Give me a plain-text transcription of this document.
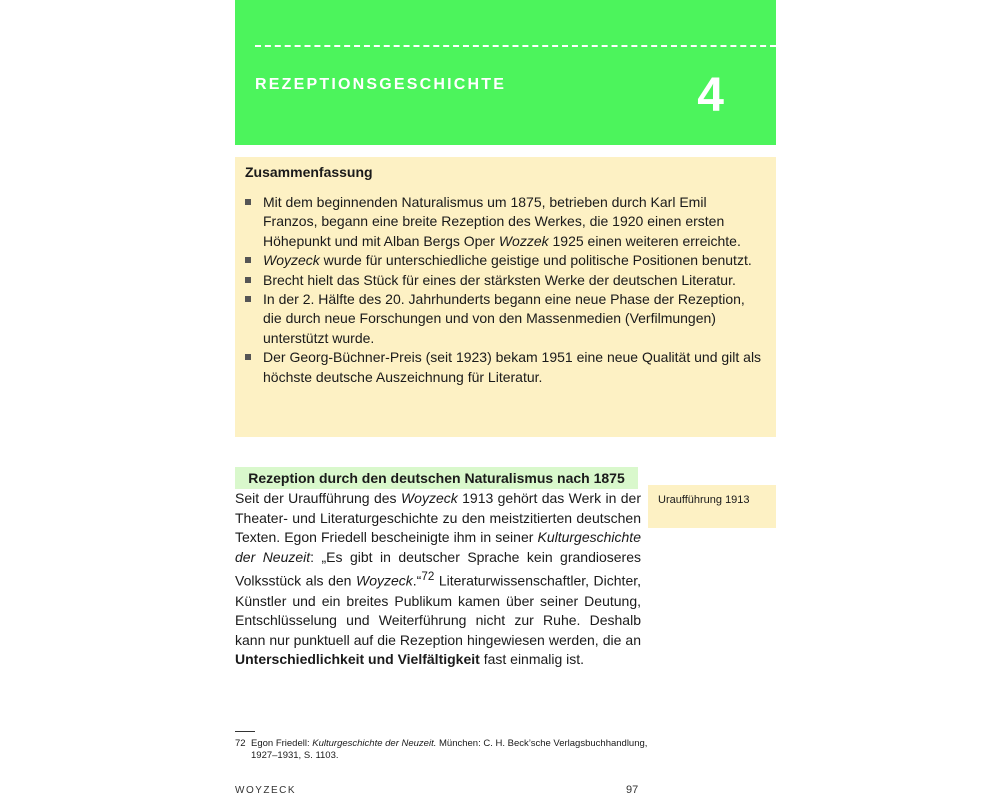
REZEPTIONSGESCHICHTE	4
Zusammenfassung
Mit dem beginnenden Naturalismus um 1875, betrieben durch Karl Emil Franzos, begann eine breite Rezeption des Werkes, die 1920 einen ersten Höhepunkt und mit Alban Bergs Oper Wozzek 1925 einen weiteren erreichte.
Woyzeck wurde für unterschiedliche geistige und politische Positionen benutzt.
Brecht hielt das Stück für eines der stärksten Werke der deutschen Literatur.
In der 2. Hälfte des 20. Jahrhunderts begann eine neue Phase der Rezeption, die durch neue Forschungen und von den Massenmedien (Verfilmungen) unterstützt wurde.
Der Georg-Büchner-Preis (seit 1923) bekam 1951 eine neue Qualität und gilt als höchste deutsche Auszeichnung für Literatur.
Rezeption durch den deutschen Naturalismus nach 1875

Seit der Uraufführung des Woyzeck 1913 gehört das Werk in der Theater- und Literaturgeschichte zu den meistzitierten deutschen Texten. Egon Friedell bescheinigte ihm in seiner Kulturgeschichte der Neuzeit: „Es gibt in deutscher Sprache kein grandioseres Volksstück als den Woyzeck.“$^{72}$ Literaturwissenschaftler, Dichter, Künstler und ein breites Publikum kamen über seiner Deutung, Entschlüsselung und Weiterführung nicht zur Ruhe. Deshalb kann nur punktuell auf die Rezeption hingewiesen werden, die an Unterschiedlichkeit und Vielfältigkeit fast einmalig ist.

Uraufführung 1913
72 Egon Friedell: Kulturgeschichte der Neuzeit. München: C. H. Beck’sche Verlagsbuchhandlung, 1927–1931, S. 1103.
WOYZECK	97
